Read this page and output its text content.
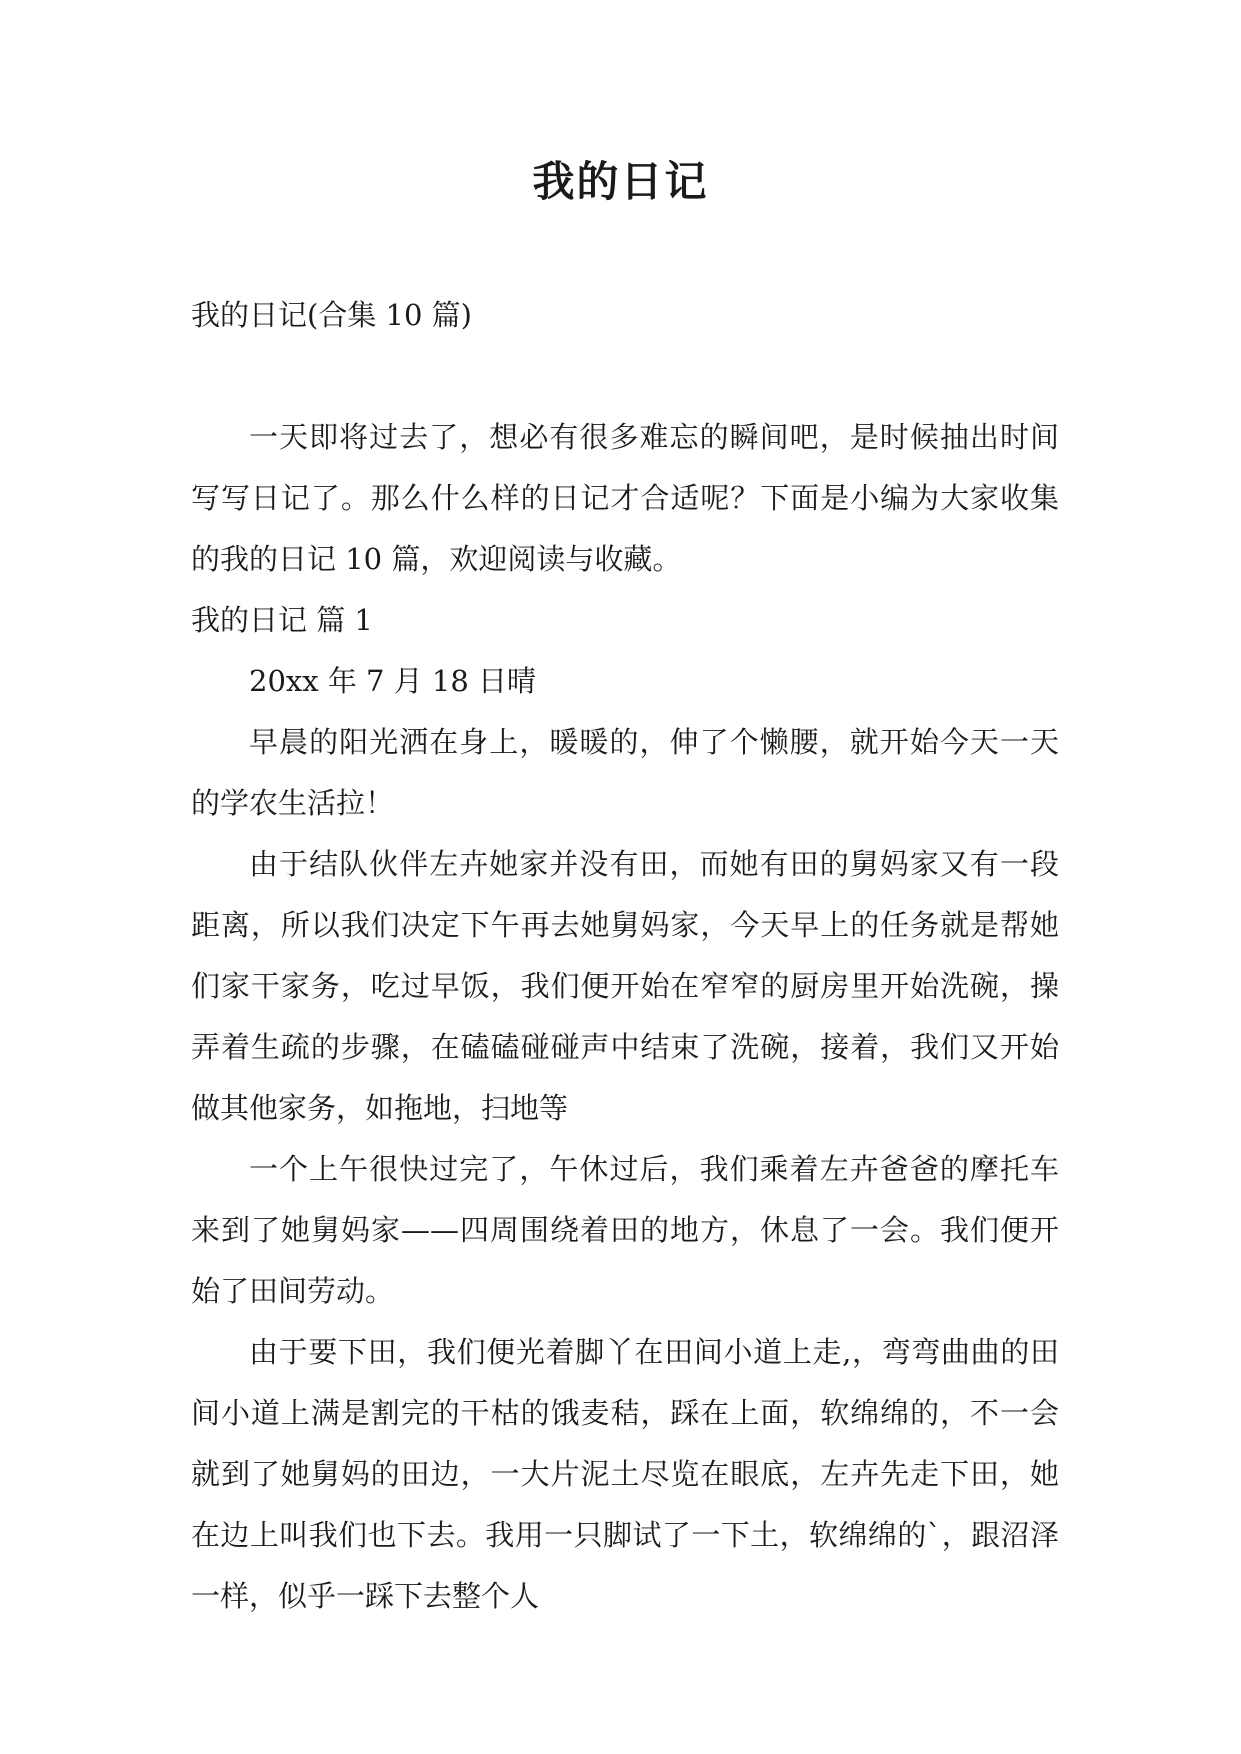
我的日记
我的日记(合集 10 篇)

一天即将过去了，想必有很多难忘的瞬间吧，是时候抽出时间写写日记了。那么什么样的日记才合适呢？下面是小编为大家收集的我的日记 10 篇，欢迎阅读与收藏。

我的日记 篇 1

20xx 年 7 月 18 日晴

早晨的阳光洒在身上，暖暖的，伸了个懒腰，就开始今天一天的学农生活拉！

由于结队伙伴左卉她家并没有田，而她有田的舅妈家又有一段距离，所以我们决定下午再去她舅妈家，今天早上的任务就是帮她们家干家务，吃过早饭，我们便开始在窄窄的厨房里开始洗碗，操弄着生疏的步骤，在磕磕碰碰声中结束了洗碗，接着，我们又开始做其他家务，如拖地，扫地等

一个上午很快过完了，午休过后，我们乘着左卉爸爸的摩托车来到了她舅妈家——四周围绕着田的地方，休息了一会。我们便开始了田间劳动。

由于要下田，我们便光着脚丫在田间小道上走,，弯弯曲曲的田间小道上满是割完的干枯的饿麦秸，踩在上面，软绵绵的，不一会就到了她舅妈的田边，一大片泥土尽览在眼底，左卉先走下田，她在边上叫我们也下去。我用一只脚试了一下土，软绵绵的`，跟沼泽一样，似乎一踩下去整个人
